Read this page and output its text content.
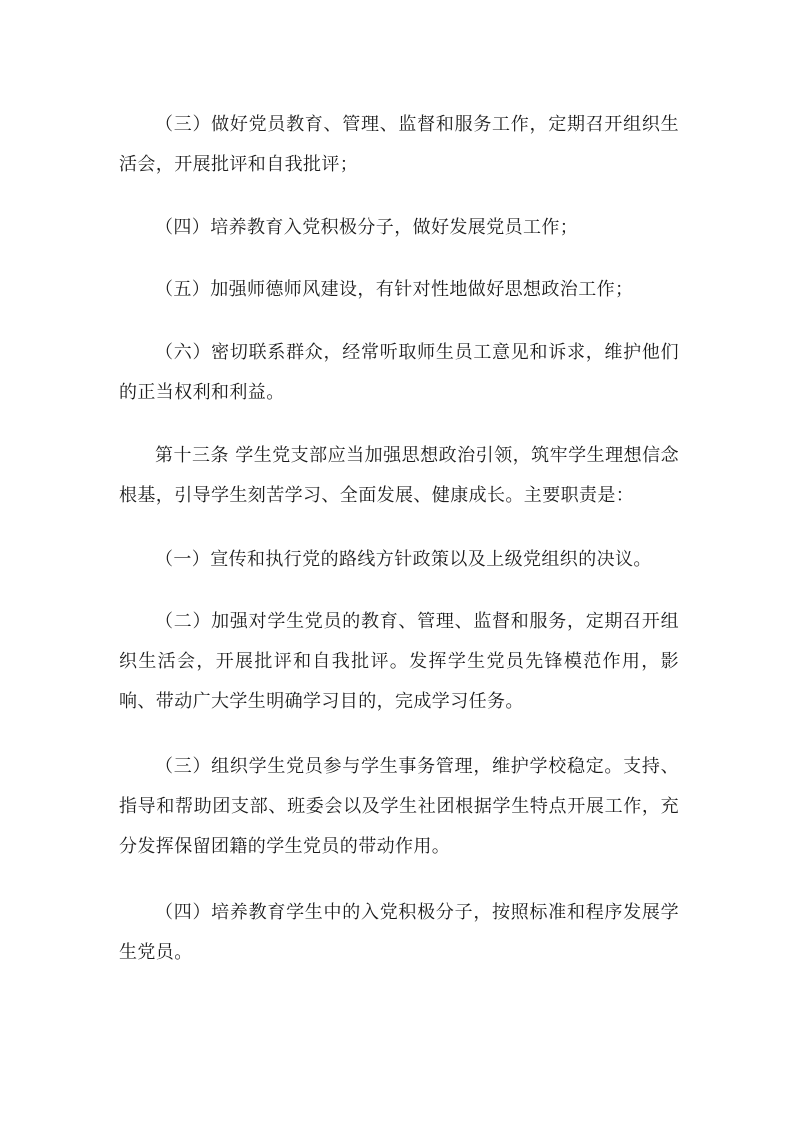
（三）做好党员教育、管理、监督和服务工作，定期召开组织生活会，开展批评和自我批评；

（四）培养教育入党积极分子，做好发展党员工作；

（五）加强师德师风建设，有针对性地做好思想政治工作；

（六）密切联系群众，经常听取师生员工意见和诉求，维护他们的正当权利和利益。

第十三条 学生党支部应当加强思想政治引领，筑牢学生理想信念根基，引导学生刻苦学习、全面发展、健康成长。主要职责是：

（一）宣传和执行党的路线方针政策以及上级党组织的决议。

（二）加强对学生党员的教育、管理、监督和服务，定期召开组织生活会，开展批评和自我批评。发挥学生党员先锋模范作用，影响、带动广大学生明确学习目的，完成学习任务。

（三）组织学生党员参与学生事务管理，维护学校稳定。支持、指导和帮助团支部、班委会以及学生社团根据学生特点开展工作，充分发挥保留团籍的学生党员的带动作用。

（四）培养教育学生中的入党积极分子，按照标准和程序发展学生党员。
